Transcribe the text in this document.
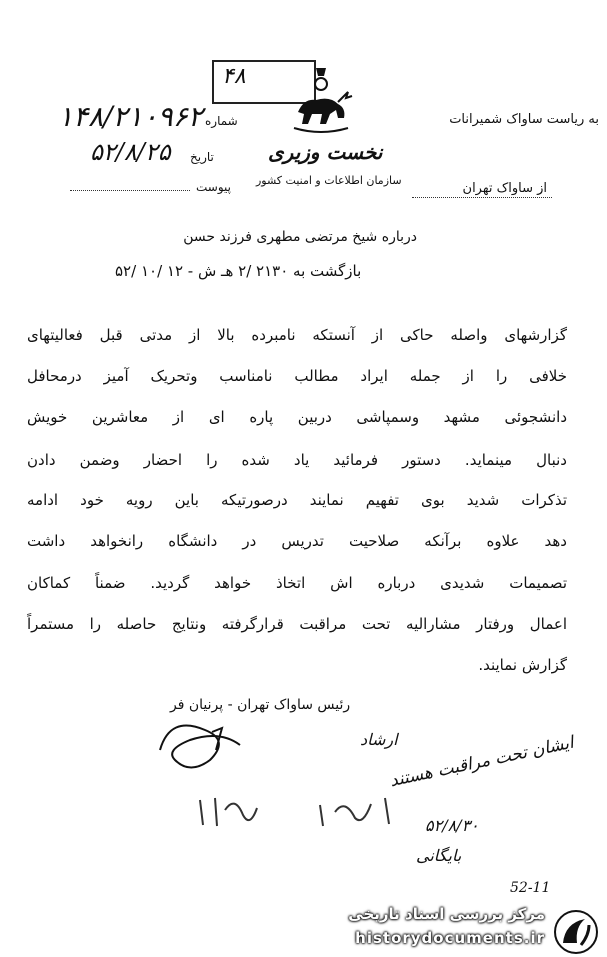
۴۸
به ریاست ساواک شمیرانات
از ساواک تهران
نخست وزیری
سازمان اطلاعات و امنیت کشور
شماره
۱۴۸/۲۱۰۹۶۲
تاریخ
۵۲/۸/۲۵
پیوست
درباره شیخ مرتضی مطهری فرزند حسن
بازگشت به ۲۱۳۰ /۲ هـ ش - ۱۲ /۱۰ /۵۲
گزارشهای واصله حاکی از آنستکه نامبرده بالا از مدتی قبل فعالیتهای
خلافی را از جمله ایراد مطالب نامناسب وتحریک آمیز درمحافل
دانشجوئی مشهد وسمپاشی دربین پاره ای از معاشرین خویش
دنبال مینماید. دستور فرمائید یاد شده را احضار وضمن دادن
تذکرات شدید بوی تفهیم نمایند درصورتیکه باین رویه خود ادامه
دهد علاوه برآنکه صلاحیت تدریس در دانشگاه رانخواهد داشت
تصمیمات شدیدی درباره اش اتخاذ خواهد گردید. ضمناً کماکان
اعمال ورفتار مشارالیه تحت مراقبت قرارگرفته ونتایج حاصله را مستمراً
گزارش نمایند.
رئیس ساواک تهران - پرنیان فر
ارشاد
ایشان تحت مراقبت هستند
۵۲/۸/۳۰
بایگانی
52-11
مرکز بررسی اسناد تاریخی
historydocuments.ir
